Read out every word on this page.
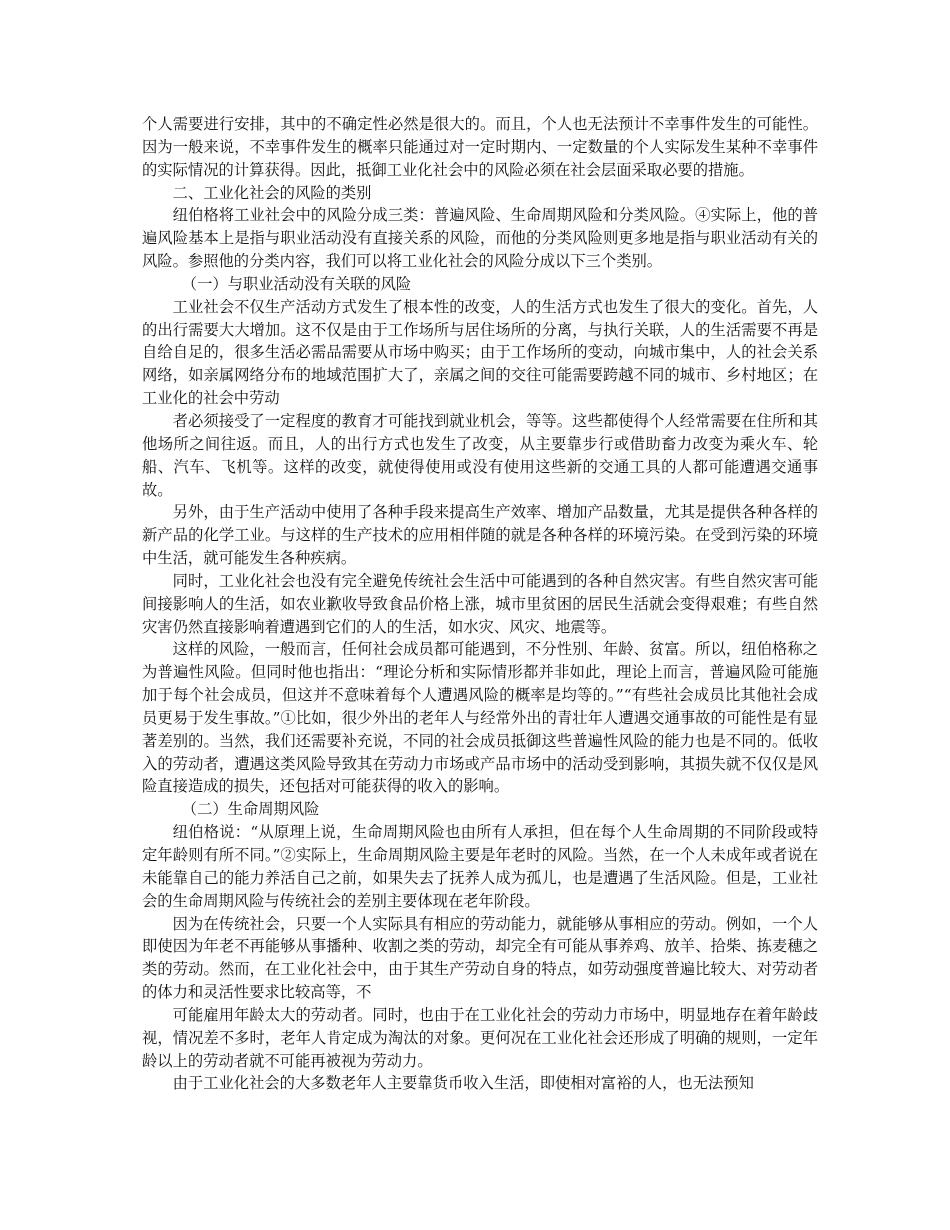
个人需要进行安排，其中的不确定性必然是很大的。而且，个人也无法预计不幸事件发生的可能性。因为一般来说，不幸事件发生的概率只能通过对一定时期内、一定数量的个人实际发生某种不幸事件的实际情况的计算获得。因此，抵御工业化社会中的风险必须在社会层面采取必要的措施。

二、工业化社会的风险的类别

纽伯格将工业社会中的风险分成三类：普遍风险、生命周期风险和分类风险。④实际上，他的普遍风险基本上是指与职业活动没有直接关系的风险，而他的分类风险则更多地是指与职业活动有关的风险。参照他的分类内容，我们可以将工业化社会的风险分成以下三个类别。

（一）与职业活动没有关联的风险

工业社会不仅生产活动方式发生了根本性的改变，人的生活方式也发生了很大的变化。首先，人的出行需要大大增加。这不仅是由于工作场所与居住场所的分离，与执行关联，人的生活需要不再是自给自足的，很多生活必需品需要从市场中购买；由于工作场所的变动，向城市集中，人的社会关系网络，如亲属网络分布的地域范围扩大了，亲属之间的交往可能需要跨越不同的城市、乡村地区；在工业化的社会中劳动

者必须接受了一定程度的教育才可能找到就业机会，等等。这些都使得个人经常需要在住所和其他场所之间往返。而且，人的出行方式也发生了改变，从主要靠步行或借助畜力改变为乘火车、轮船、汽车、飞机等。这样的改变，就使得使用或没有使用这些新的交通工具的人都可能遭遇交通事故。

另外，由于生产活动中使用了各种手段来提高生产效率、增加产品数量，尤其是提供各种各样的新产品的化学工业。与这样的生产技术的应用相伴随的就是各种各样的环境污染。在受到污染的环境中生活，就可能发生各种疾病。

同时，工业化社会也没有完全避免传统社会生活中可能遇到的各种自然灾害。有些自然灾害可能间接影响人的生活，如农业歉收导致食品价格上涨，城市里贫困的居民生活就会变得艰难；有些自然灾害仍然直接影响着遭遇到它们的人的生活，如水灾、风灾、地震等。

这样的风险，一般而言，任何社会成员都可能遇到，不分性别、年龄、贫富。所以，纽伯格称之为普遍性风险。但同时他也指出：“理论分析和实际情形都并非如此，理论上而言，普遍风险可能施加于每个社会成员，但这并不意味着每个人遭遇风险的概率是均等的。”“有些社会成员比其他社会成员更易于发生事故。”①比如，很少外出的老年人与经常外出的青壮年人遭遇交通事故的可能性是有显著差别的。当然，我们还需要补充说，不同的社会成员抵御这些普遍性风险的能力也是不同的。低收入的劳动者，遭遇这类风险导致其在劳动力市场或产品市场中的活动受到影响，其损失就不仅仅是风险直接造成的损失，还包括对可能获得的收入的影响。

（二）生命周期风险

纽伯格说：“从原理上说，生命周期风险也由所有人承担，但在每个人生命周期的不同阶段或特定年龄则有所不同。”②实际上，生命周期风险主要是年老时的风险。当然，在一个人未成年或者说在未能靠自己的能力养活自己之前，如果失去了抚养人成为孤儿，也是遭遇了生活风险。但是，工业社会的生命周期风险与传统社会的差别主要体现在老年阶段。

因为在传统社会，只要一个人实际具有相应的劳动能力，就能够从事相应的劳动。例如，一个人即使因为年老不再能够从事播种、收割之类的劳动，却完全有可能从事养鸡、放羊、拾柴、拣麦穗之类的劳动。然而，在工业化社会中，由于其生产劳动自身的特点，如劳动强度普遍比较大、对劳动者的体力和灵活性要求比较高等，不

可能雇用年龄太大的劳动者。同时，也由于在工业化社会的劳动力市场中，明显地存在着年龄歧视，情况差不多时，老年人肯定成为淘汰的对象。更何况在工业化社会还形成了明确的规则，一定年龄以上的劳动者就不可能再被视为劳动力。

由于工业化社会的大多数老年人主要靠货币收入生活，即使相对富裕的人，也无法预知
